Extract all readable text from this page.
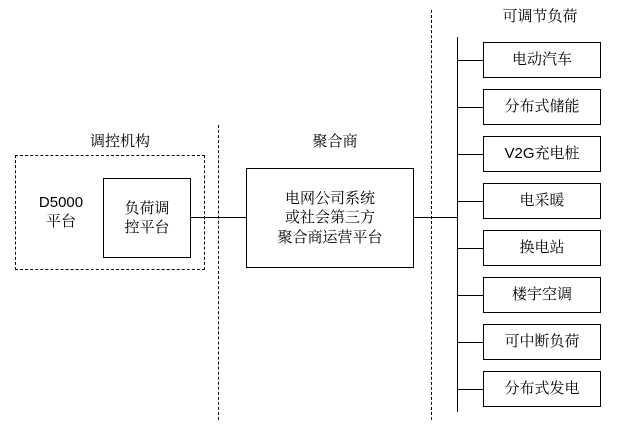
调控机构	聚合商
可调节负荷
D5000
平台
负荷调
控平台
电网公司系统
或社会第三方
聚合商运营平台
电动汽车
分布式储能
V2G充电桩
电采暖
换电站
楼宇空调
可中断负荷
分布式发电
